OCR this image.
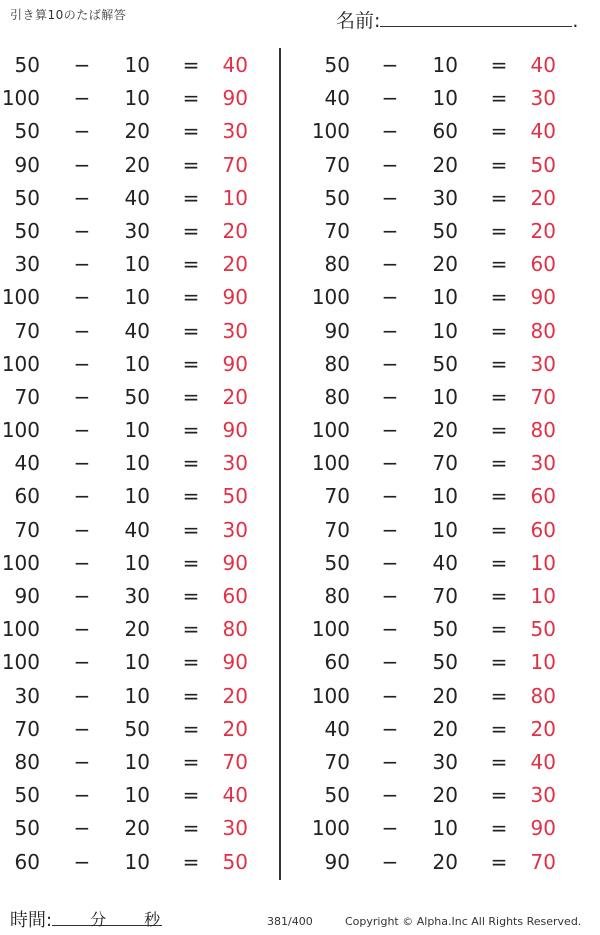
引き算10のたば解答	名前:	.
50 − 10 =	40
100 − 10 =	90
50 − 20 =	30
90 − 20 =	70
50 − 40 =	10
50 − 30 =	20
30 − 10 =	20
100 − 10 =	90
70 − 40 =	30
100 − 10 =	90
70 − 50 =	20
100 − 10 =	90
40 − 10 =	30
60 − 10 =	50
70 − 40 =	30
100 − 10 =	90
90 − 30 =	60
100 − 20 =	80
100 − 10 =	90
30 − 10 =	20
70 − 50 =	20
80 − 10 =	70
50 − 10 =	40
50 − 20 =	30
60 − 10 =	50
50 − 10 =	40
40 − 10 =	30
100 − 60 =	40
70 − 20 =	50
50 − 30 =	20
70 − 50 =	20
80 − 20 =	60
100 − 10 =	90
90 − 10 =	80
80 − 50 =	30
80 − 10 =	70
100 − 20 =	80
100 − 70 =	30
70 − 10 =	60
70 − 10 =	60
50 − 40 =	10
80 − 70 =	10
100 − 50 =	50
60 − 50 =	10
100 − 20 =	80
40 − 20 =	20
70 − 30 =	40
50 − 20 =	30
100 − 10 =	90
90 − 20 =	70
時間: 分 秒	381/400	Copyright © Alpha.Inc All Rights Reserved.
